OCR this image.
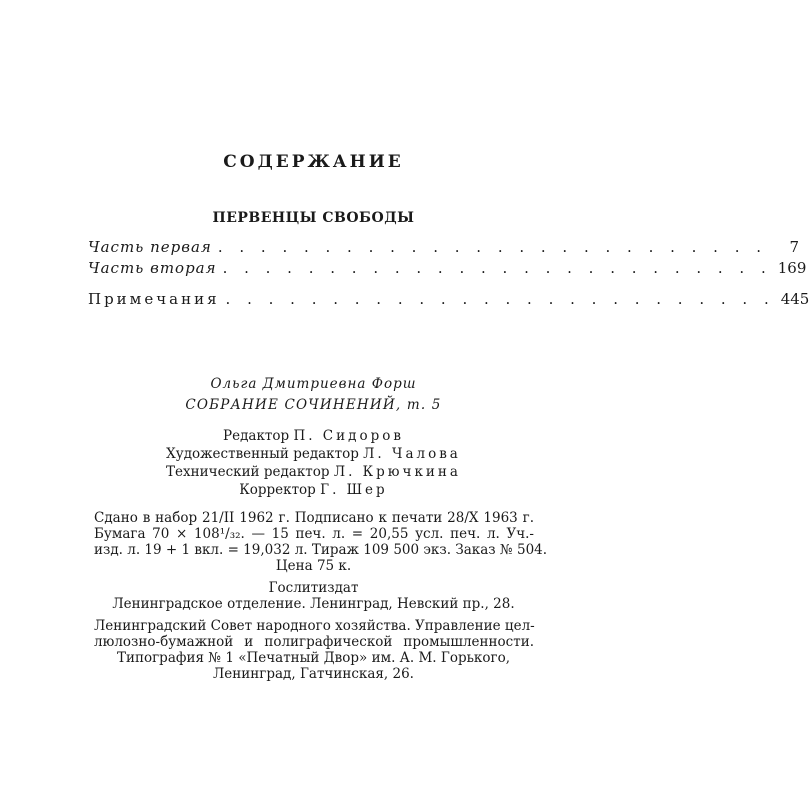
СОДЕРЖАНИЕ
ПЕРВЕНЦЫ СВОБОДЫ
Часть первая . . . . . . . . . . . . . . . . . . . . . . . . . .	7
Часть вторая . . . . . . . . . . . . . . . . . . . . . . . . . . 169
Примечания . . . . . . . . . . . . . . . . . . . . . . . . . . 445
Ольга Дмитриевна Форш
СОБРАНИЕ СОЧИНЕНИЙ, т. 5
Редактор П. Сидоров
Художественный редактор Л. Чалова
Технический редактор Л. Крючкина
Корректор Г. Шер
Сдано в набор 21/II 1962 г. Подписано к печати 28/X 1963 г.
Бумага 70 × 108¹/₃₂. — 15 печ. л. = 20,55 усл. печ. л. Уч.-
изд. л. 19 + 1 вкл. = 19,032 л. Тираж 109 500 экз. Заказ № 504.
Цена 75 к.
Гослитиздат
Ленинградское отделение. Ленинград, Невский пр., 28.
Ленинградский Совет народного хозяйства. Управление цел-
люлозно-бумажной и полиграфической промышленности.
Типография № 1 «Печатный Двор» им. А. М. Горького,
Ленинград, Гатчинская, 26.
